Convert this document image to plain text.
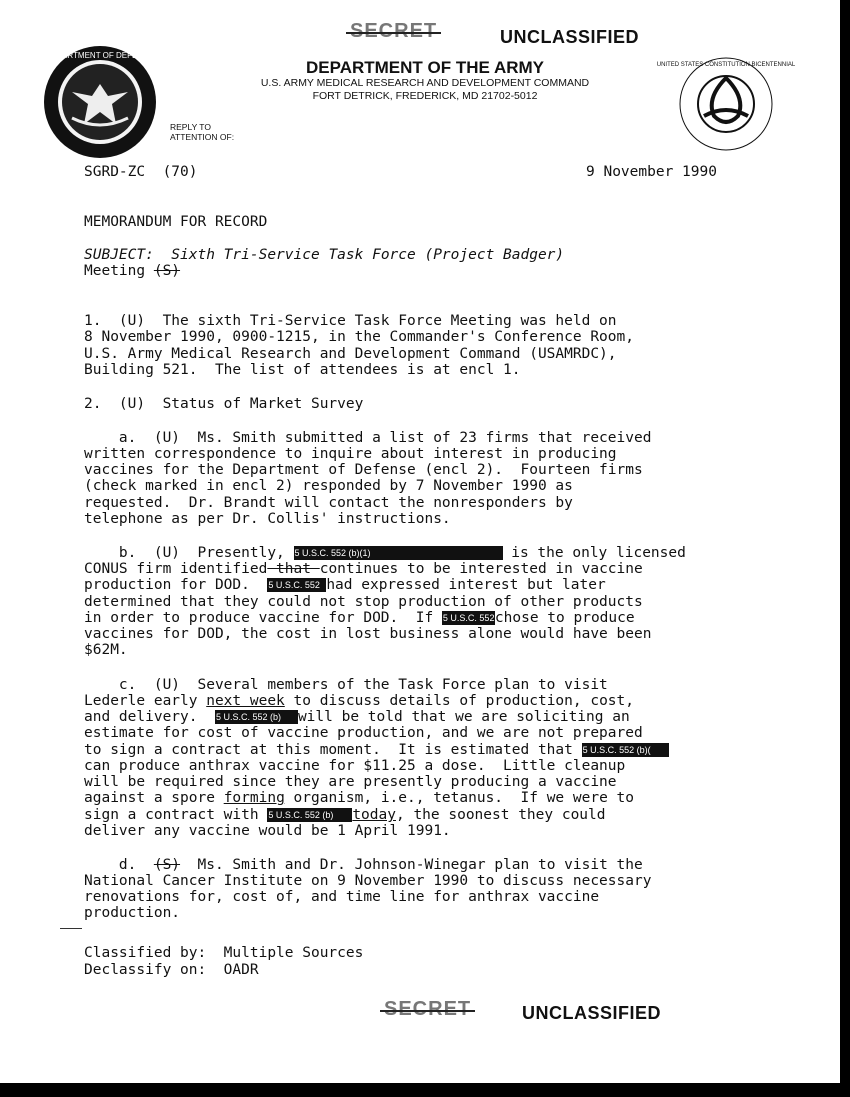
SECRET	UNCLASSIFIED
DEPARTMENT OF DEFENSE
UNITED STATES CONSTITUTION BICENTENNIAL
DEPARTMENT OF THE ARMY
U.S. ARMY MEDICAL RESEARCH AND DEVELOPMENT COMMAND
FORT DETRICK, FREDERICK, MD 21702-5012
REPLY TO
ATTENTION OF:
SGRD-ZC  (70)	9 November 1990
MEMORANDUM FOR RECORD
SUBJECT:  Sixth Tri-Service Task Force (Project Badger)
Meeting (S)
1.  (U)  The sixth Tri-Service Task Force Meeting was held on
8 November 1990, 0900-1215, in the Commander's Conference Room,
U.S. Army Medical Research and Development Command (USAMRDC),
Building 521.  The list of attendees is at encl 1.
2.  (U)  Status of Market Survey
a.  (U)  Ms. Smith submitted a list of 23 firms that received
written correspondence to inquire about interest in producing
vaccines for the Department of Defense (encl 2).  Fourteen firms
(check marked in encl 2) responded by 7 November 1990 as
requested.  Dr. Brandt will contact the nonresponders by
telephone as per Dr. Collis' instructions.
b.  (U)  Presently, 5 U.S.C. 552 (b)(1)	is the only licensed
CONUS firm identified that continues to be interested in vaccine
production for DOD.  5 U.S.C. 552 had expressed interest but later
determined that they could not stop production of other products
in order to produce vaccine for DOD.  If 5 U.S.C. 552chose to produce
vaccines for DOD, the cost in lost business alone would have been
$62M.
c.  (U)  Several members of the Task Force plan to visit
Lederle early next week to discuss details of production, cost,
and delivery.  5 U.S.C. 552 (b) will be told that we are soliciting an
estimate for cost of vaccine production, and we are not prepared
to sign a contract at this moment.  It is estimated that 5 U.S.C. 552 (b)(
can produce anthrax vaccine for $11.25 a dose.  Little cleanup
will be required since they are presently producing a vaccine
against a spore forming organism, i.e., tetanus.  If we were to
sign a contract with 5 U.S.C. 552 (b) today, the soonest they could
deliver any vaccine would be 1 April 1991.
d.  (S)  Ms. Smith and Dr. Johnson-Winegar plan to visit the
National Cancer Institute on 9 November 1990 to discuss necessary
renovations for, cost of, and time line for anthrax vaccine
production.
Classified by:  Multiple Sources
Declassify on:  OADR
SECRET	UNCLASSIFIED
